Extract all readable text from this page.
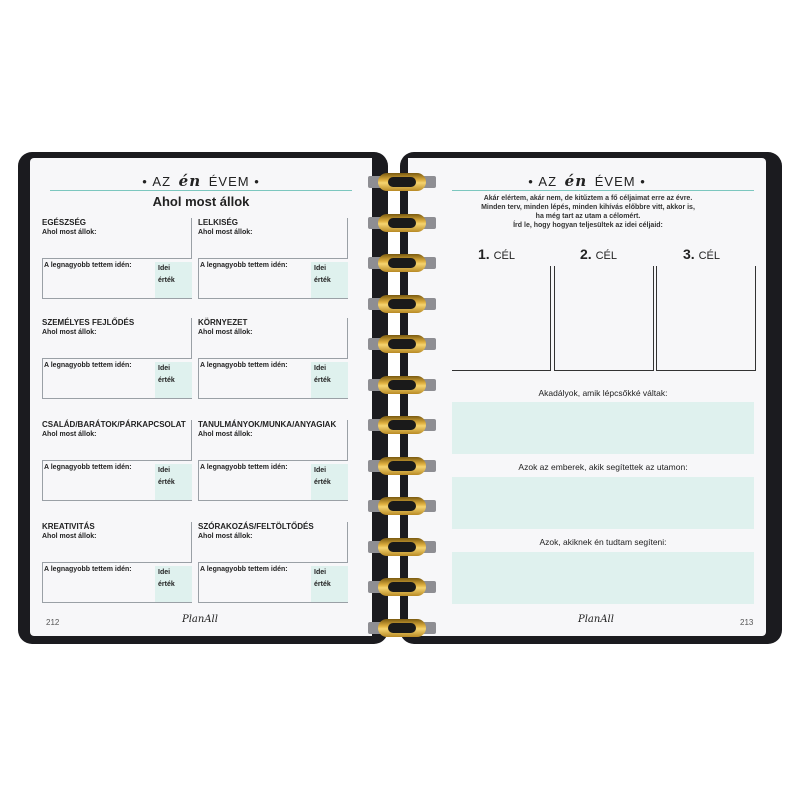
• AZ én ÉVEM •
Ahol most állok
EGÉSZSÉG
Ahol most állok:
A legnagyobb tettem idén:	Idei
érték
LELKISÉG
Ahol most állok:
A legnagyobb tettem idén:	Idei
érték
SZEMÉLYES FEJLŐDÉS
Ahol most állok:
A legnagyobb tettem idén:	Idei
érték
KÖRNYEZET
Ahol most állok:
A legnagyobb tettem idén:	Idei
érték
CSALÁD/BARÁTOK/PÁRKAPCSOLAT
Ahol most állok:
A legnagyobb tettem idén:	Idei
érték
TANULMÁNYOK/MUNKA/ANYAGIAK
Ahol most állok:
A legnagyobb tettem idén:	Idei
érték
KREATIVITÁS
Ahol most állok:
A legnagyobb tettem idén:	Idei
érték
SZÓRAKOZÁS/FELTÖLTŐDÉS
Ahol most állok:
A legnagyobb tettem idén:	Idei
érték
212	PlanAll
• AZ én ÉVEM •
Akár elértem, akár nem, de kitűztem a fő céljaimat erre az évre.
Minden terv, minden lépés, minden kihívás előbbre vitt, akkor is,
ha még tart az utam a célomért.
Írd le, hogy hogyan teljesültek az idei céljaid:
1. CÉL	2. CÉL	3. CÉL
Akadályok, amik lépcsőkké váltak:
Azok az emberek, akik segítettek az utamon:
Azok, akiknek én tudtam segíteni:
PlanAll	213
